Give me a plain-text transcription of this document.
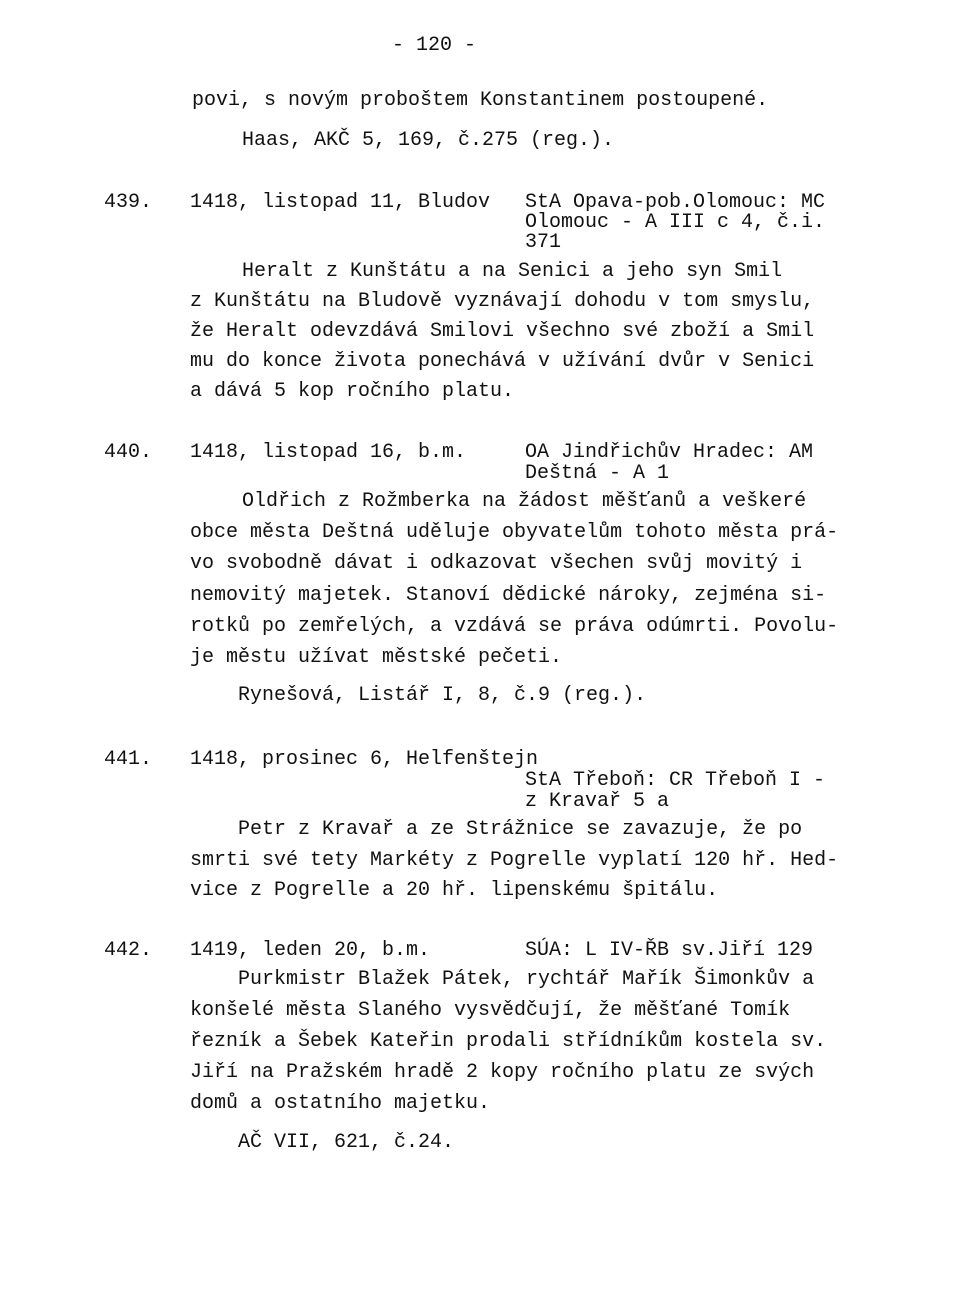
- 120 -
povi, s novým proboštem Konstantinem postoupené.
Haas, AKČ 5, 169, č.275 (reg.).
439. 1418, listopad 11, Bludov StA Opava-pob.Olomouc: MC
Olomouc - A III c 4, č.i.
371
Heralt z Kunštátu a na Senici a jeho syn Smil
z Kunštátu na Bludově vyznávají dohodu v tom smyslu,
že Heralt odevzdává Smilovi všechno své zboží a Smil
mu do konce života ponechává v užívání dvůr v Senici
a dává 5 kop ročního platu.
440. 1418, listopad 16, b.m.	OA Jindřichův Hradec: AM
Deštná - A 1
Oldřich z Rožmberka na žádost měšťanů a veškeré
obce města Deštná uděluje obyvatelům tohoto města prá-
vo svobodně dávat i odkazovat všechen svůj movitý i
nemovitý majetek. Stanoví dědické nároky, zejména si-
rotků po zemřelých, a vzdává se práva odúmrti. Povolu-
je městu užívat městské pečeti.
Rynešová, Listář I, 8, č.9 (reg.).
441. 1418, prosinec 6, Helfenštejn
StA Třeboň: CR Třeboň I -
z Kravař 5 a
Petr z Kravař a ze Strážnice se zavazuje, že po
smrti své tety Markéty z Pogrelle vyplatí 120 hř. Hed-
vice z Pogrelle a 20 hř. lipenskému špitálu.
442. 1419, leden 20, b.m.	SÚA: L IV-ŘB sv.Jiří 129
Purkmistr Blažek Pátek, rychtář Mařík Šimonkův a
konšelé města Slaného vysvědčují, že měšťané Tomík
řezník a Šebek Kateřin prodali střídníkům kostela sv.
Jiří na Pražském hradě 2 kopy ročního platu ze svých
domů a ostatního majetku.
AČ VII, 621, č.24.
